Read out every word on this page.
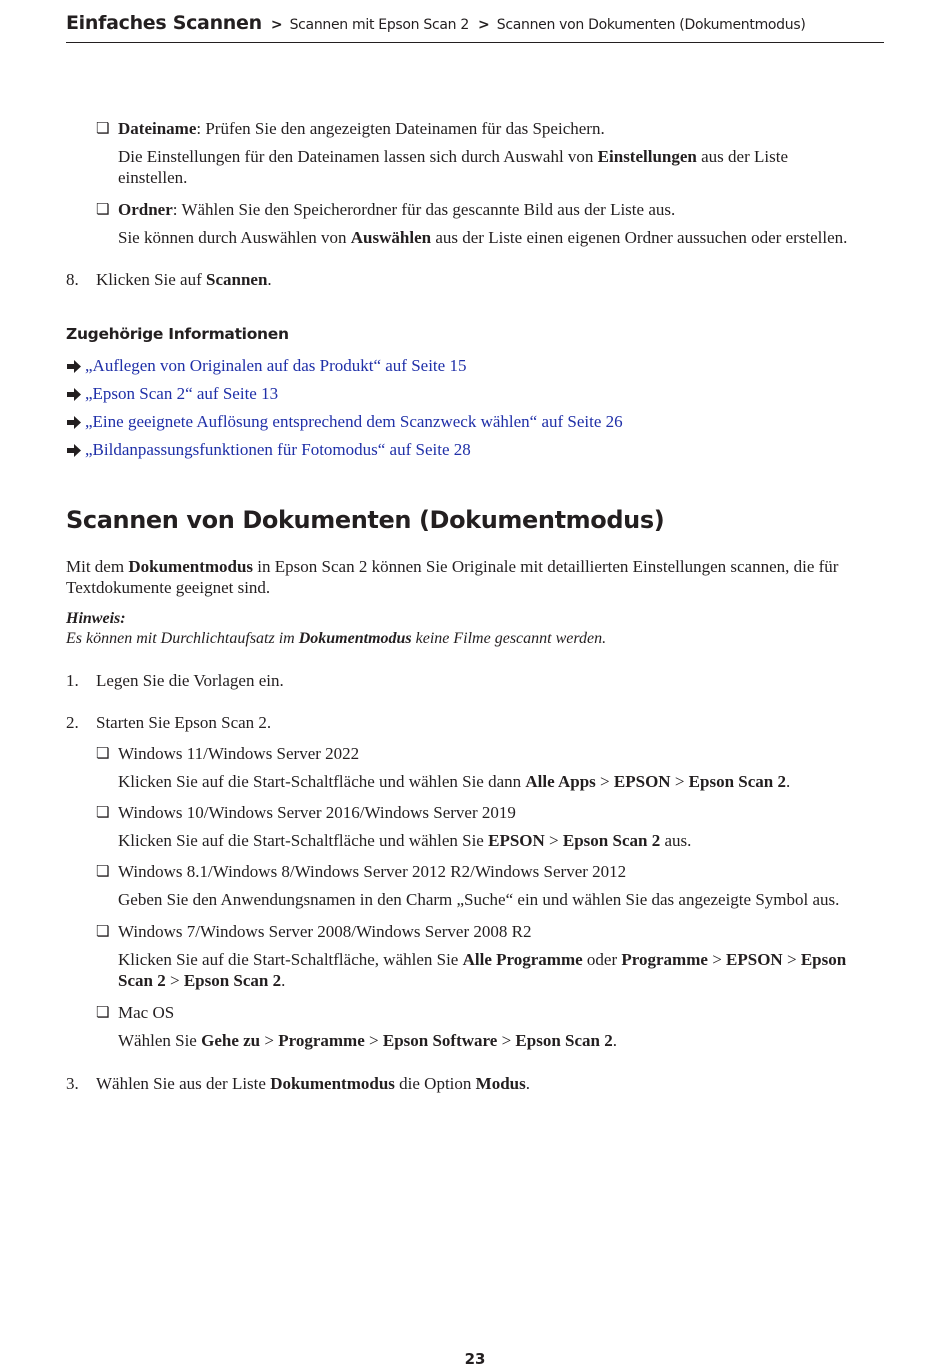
Einfaches Scannen > Scannen mit Epson Scan 2 > Scannen von Dokumenten (Dokumentmodus)
❏ Dateiname: Prüfen Sie den angezeigten Dateinamen für das Speichern.
Die Einstellungen für den Dateinamen lassen sich durch Auswahl von Einstellungen aus der Liste
einstellen.
❏ Ordner: Wählen Sie den Speicherordner für das gescannte Bild aus der Liste aus.
Sie können durch Auswählen von Auswählen aus der Liste einen eigenen Ordner aussuchen oder erstellen.
8. Klicken Sie auf Scannen.
Zugehörige Informationen
„Auflegen von Originalen auf das Produkt“ auf Seite 15
„Epson Scan 2“ auf Seite 13
„Eine geeignete Auflösung entsprechend dem Scanzweck wählen“ auf Seite 26
„Bildanpassungsfunktionen für Fotomodus“ auf Seite 28
Scannen von Dokumenten (Dokumentmodus)
Mit dem Dokumentmodus in Epson Scan 2 können Sie Originale mit detaillierten Einstellungen scannen, die für
Textdokumente geeignet sind.
Hinweis:
Es können mit Durchlichtaufsatz im Dokumentmodus keine Filme gescannt werden.
1. Legen Sie die Vorlagen ein.
2. Starten Sie Epson Scan 2.
❏ Windows 11/Windows Server 2022
Klicken Sie auf die Start-Schaltfläche und wählen Sie dann Alle Apps > EPSON > Epson Scan 2.
❏ Windows 10/Windows Server 2016/Windows Server 2019
Klicken Sie auf die Start-Schaltfläche und wählen Sie EPSON > Epson Scan 2 aus.
❏ Windows 8.1/Windows 8/Windows Server 2012 R2/Windows Server 2012
Geben Sie den Anwendungsnamen in den Charm „Suche“ ein und wählen Sie das angezeigte Symbol aus.
❏ Windows 7/Windows Server 2008/Windows Server 2008 R2
Klicken Sie auf die Start-Schaltfläche, wählen Sie Alle Programme oder Programme > EPSON > Epson
Scan 2 > Epson Scan 2.
❏ Mac OS
Wählen Sie Gehe zu > Programme > Epson Software > Epson Scan 2.
3. Wählen Sie aus der Liste Dokumentmodus die Option Modus.
23
